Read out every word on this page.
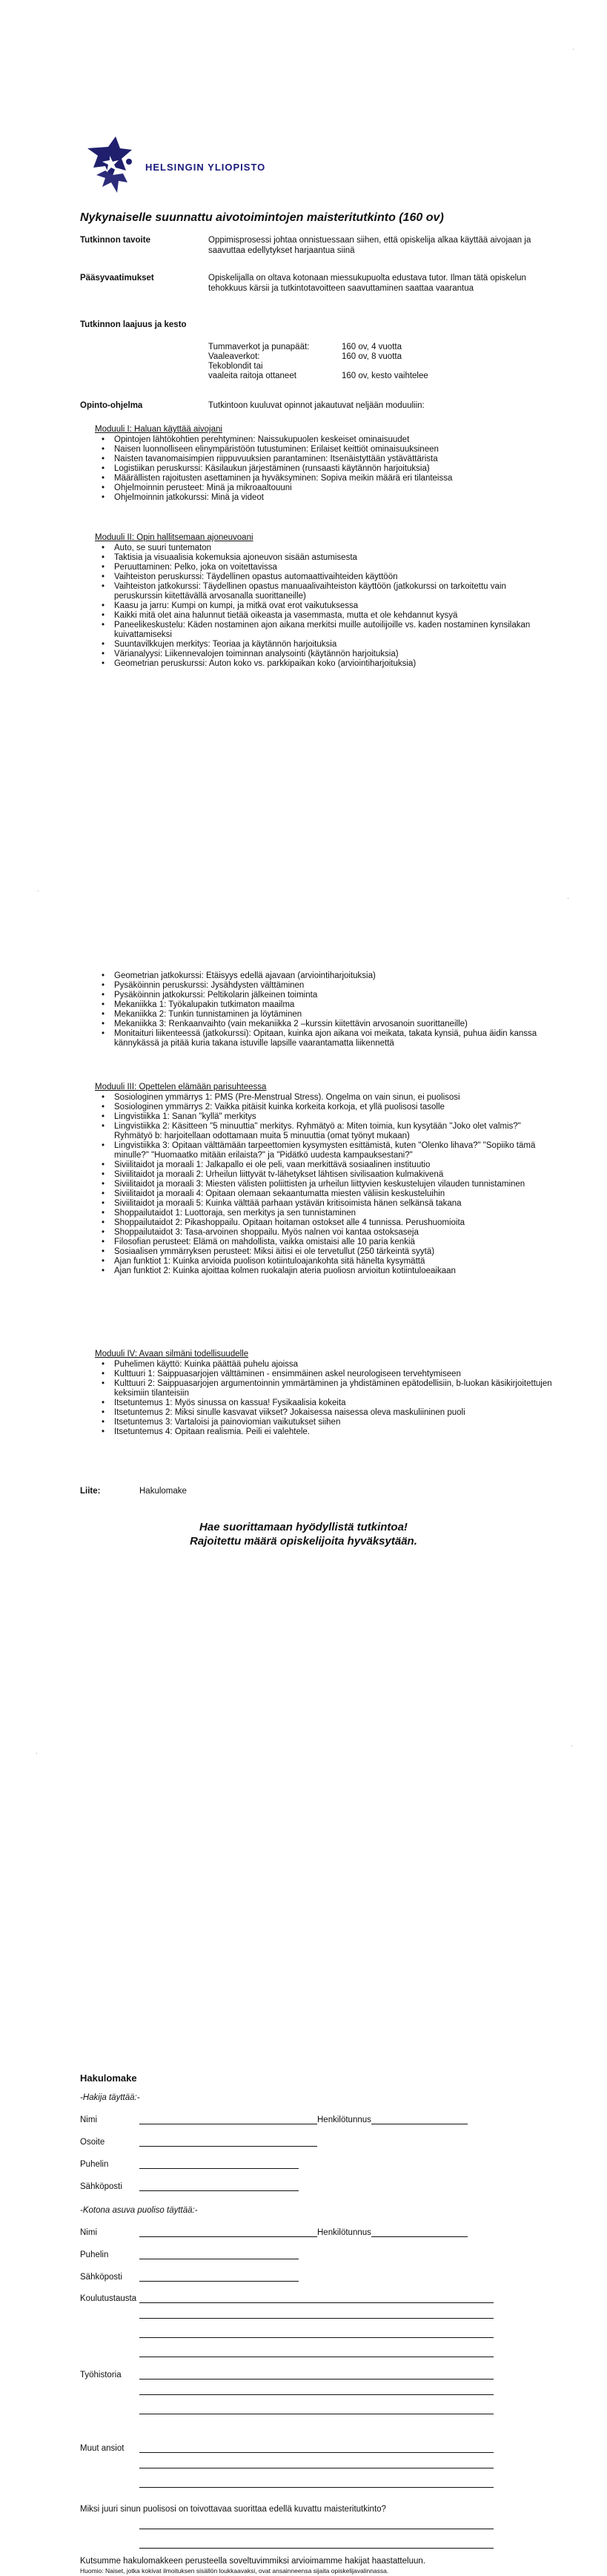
·
HELSINGIN YLIOPISTO
Nykynaiselle suunnattu aivotoimintojen maisteritutkinto (160 ov)
Tutkinnon tavoite	Oppimisprosessi johtaa onnistuessaan siihen, että opiskelija alkaa käyttää aivojaan ja saavuttaa edellytykset harjaantua siinä
Pääsyvaatimukset	Opiskelijalla on oltava kotonaan miessukupuolta edustava tutor. Ilman tätä opiskelun tehokkuus kärsii ja tutkintotavoitteen saavuttaminen saattaa vaarantua
Tutkinnon laajuus ja kesto
Tummaverkot ja punapäät:	160 ov, 4 vuotta
Vaaleaverkot:	160 ov, 8 vuotta
Tekoblondit tai
vaaleita raitoja ottaneet	160 ov, kesto vaihtelee
Opinto-ohjelma	Tutkintoon kuuluvat opinnot jakautuvat neljään moduuliin:
Moduuli I: Haluan käyttää aivojani
• Opintojen lähtökohtien perehtyminen: Naissukupuolen keskeiset ominaisuudet
• Naisen luonnolliseen elinympäristöön tutustuminen: Erilaiset keittiöt ominaisuuksineen
• Naisten tavanomaisimpien riippuvuuksien parantaminen: Itsenäistyttään ystävättärista
• Logistiikan peruskurssi: Käsilaukun järjestäminen (runsaasti käytännön harjoituksia)
• Määrällisten rajoitusten asettaminen ja hyväksyminen: Sopiva meikin määrä eri tilanteissa
• Ohjelmoinnin perusteet: Minä ja mikroaaltouuni
• Ohjelmoinnin jatkokurssi: Minä ja videot
Moduuli II: Opin hallitsemaan ajoneuvoani
• Auto, se suuri tuntematon
• Taktisia ja visuaalisia kokemuksia ajoneuvon sisään astumisesta
• Peruuttaminen: Pelko, joka on voitettavissa
• Vaihteiston peruskurssi: Täydellinen opastus automaattivaihteiden käyttöön
• Vaihteiston jatkokurssi: Täydellinen opastus manuaalivaihteiston käyttöön (jatkokurssi on tarkoitettu vain peruskurssin kiitettävällä arvosanalla suorittaneille)
• Kaasu ja jarru: Kumpi on kumpi, ja mitkä ovat erot vaikutuksessa
• Kaikki mitä olet aina halunnut tietää oikeasta ja vasemmasta, mutta et ole kehdannut kysyä
• Paneelikeskustelu: Käden nostaminen ajon aikana merkitsi muille autoilijoille vs. kaden nostaminen kynsilakan kuivattamiseksi
• Suuntavilkkujen merkitys: Teoriaa ja käytännön harjoituksia
• Värianalyysi: Liikennevalojen toiminnan analysointi (käytännön harjoituksia)
• Geometrian peruskurssi: Auton koko vs. parkkipaikan koko (arviointiharjoituksia)
·
·
• Geometrian jatkokurssi: Etäisyys edellä ajavaan (arviointiharjoituksia)
• Pysäköinnin peruskurssi: Jysähdysten välttäminen
• Pysäköinnin jatkokurssi: Peltikolarin jälkeinen toiminta
• Mekaniikka 1: Työkalupakin tutkimaton maailma
• Mekaniikka 2: Tunkin tunnistaminen ja löytäminen
• Mekaniikka 3: Renkaanvaihto (vain mekaniikka 2 –kurssin kiitettävin arvosanoin suorittaneille)
• Monitaituri liikenteessä (jatkokurssi): Opitaan, kuinka ajon aikana voi meikata, takata kynsiä, puhua äidin kanssa kännykässä ja pitää kuria takana istuville lapsille vaarantamatta liikennettä
Moduuli III: Opettelen elämään parisuhteessa
• Sosiologinen ymmärrys 1: PMS (Pre-Menstrual Stress). Ongelma on vain sinun, ei puolisosi
• Sosiologinen ymmärrys 2: Vaikka pitäisit kuinka korkeita korkoja, et yllä puolisosi tasolle
• Lingvistiikka 1: Sanan "kyllä" merkitys
• Lingvistiikka 2: Käsitteen "5 minuuttia" merkitys. Ryhmätyö a: Miten toimia, kun kysytään "Joko olet valmis?" Ryhmätyö b: harjoitellaan odottamaan muita 5 minuuttia (omat työnyt mukaan)
• Lingvistiikka 3: Opitaan välttämään tarpeettomien kysymysten esittämistä, kuten "Olenko lihava?" "Sopiiko tämä minulle?" "Huomaatko mitään erilaista?" ja "Pidätkö uudesta kampauksestani?"
• Siviilitaidot ja moraali 1: Jalkapallo ei ole peli, vaan merkittävä sosiaalinen instituutio
• Siviilitaidot ja moraali 2: Urheilun liittyvät tv-lähetykset lähtisen sivilisaation kulmakivenä
• Siviilitaidot ja moraali 3: Miesten välisten poliittisten ja urheilun liittyvien keskustelujen vilauden tunnistaminen
• Siviilitaidot ja moraali 4: Opitaan olemaan sekaantumatta miesten väliisin keskusteluihin
• Siviilitaidot ja moraali 5: Kuinka välttää parhaan ystävän kritisoimista hänen selkänsä takana
• Shoppailutaidot 1: Luottoraja, sen merkitys ja sen tunnistaminen
• Shoppailutaidot 2: Pikashoppailu. Opitaan hoitaman ostokset alle 4 tunnissa. Perushuomioita
• Shoppailutaidot 3: Tasa-arvoinen shoppailu. Myös nalnen voi kantaa ostoksaseja
• Filosofian perusteet: Elämä on mahdollista, vaikka omistaisi alle 10 paria kenkiä
• Sosiaalisen ymmärryksen perusteet: Miksi äitisi ei ole tervetullut (250 tärkeintä syytä)
• Ajan funktiot 1: Kuinka arvioida puolison kotiintuloajankohta sitä hänelta kysymättä
• Ajan funktiot 2: Kuinka ajoittaa kolmen ruokalajin ateria puoliosn arvioitun kotiintuloeaikaan
Moduuli IV: Avaan silmäni todellisuudelle
• Puhelimen käyttö: Kuinka päättää puhelu ajoissa
• Kulttuuri 1: Saippuasarjojen välttäminen - ensimmäinen askel neurologiseen tervehtymiseen
• Kulttuuri 2: Saippuasarjojen argumentoinnin ymmärtäminen ja yhdistäminen epätodellisiin, b-luokan käsikirjoitettujen keksimiin tilanteisiin
• Itsetuntemus 1: Myös sinussa on kassua! Fysikaalisia kokeita
• Itsetuntemus 2: Miksi sinulle kasvavat viikset? Jokaisessa naisessa oleva maskuliininen puoli
• Itsetuntemus 3: Vartaloisi ja painoviomian vaikutukset siihen
• Itsetuntemus 4: Opitaan realismia. Peili ei valehtele.
Liite:	Hakulomake
Hae suorittamaan hyödyllistä tutkintoa!
Rajoitettu määrä opiskelijoita hyväksytään.
·
·
Hakulomake
-Hakija täyttää:-
Nimi	Henkilötunnus
Osoite
Puhelin
Sähköposti
-Kotona asuva puoliso täyttää:-
Nimi	Henkilötunnus
Puhelin
Sähköposti
Koulutustausta
Työhistoria
Muut ansiot
Miksi juuri sinun puolisosi on toivottavaa suorittaa edellä kuvattu maisteritutkinto?
Kutsumme hakulomakkeen perusteella soveltuvimmiksi arvioimamme hakijat haastatteluun.
Huomio: Naiset, jotka kokivat ilmoituksen sisällön loukkaavaksi, ovat ansainneensa sijaita opiskelijavalinnassa.
